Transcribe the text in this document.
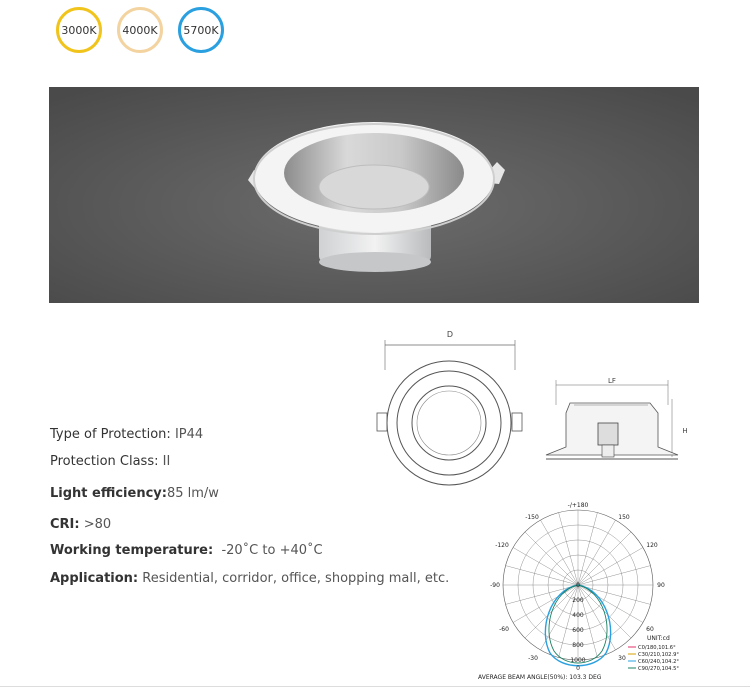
3000K	4000K	5700K
Type of Protection: IP44
Protection Class: II
Light efficiency:85 lm/w
CRI: >80
Working temperature: -20˚C to +40˚C
Application: Residential, corridor, office, shopping mall, etc.
D
LF
H
-/+180
-150	150
-120	120
-90	90
-60	60
-30	30
0
0
200
400
600
800
1000
UNIT:cd
C0/180,101.6°
C30/210,102.9°
C60/240,104.2°
C90/270,104.5°
AVERAGE BEAM ANGLE(50%): 103.3 DEG
